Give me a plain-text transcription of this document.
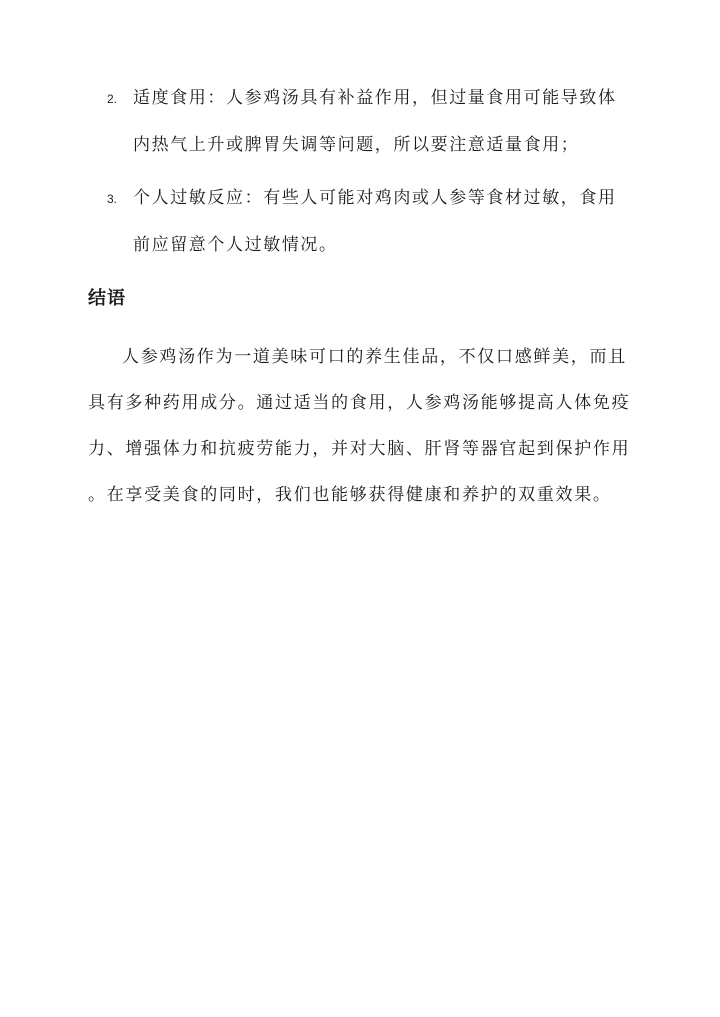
2. 适度食用：人参鸡汤具有补益作用，但过量食用可能导致体
内热气上升或脾胃失调等问题，所以要注意适量食用；
3. 个人过敏反应：有些人可能对鸡肉或人参等食材过敏，食用
前应留意个人过敏情况。
结语
人参鸡汤作为一道美味可口的养生佳品，不仅口感鲜美，而且
具有多种药用成分。通过适当的食用，人参鸡汤能够提高人体免疫
力、增强体力和抗疲劳能力，并对大脑、肝肾等器官起到保护作用
。在享受美食的同时，我们也能够获得健康和养护的双重效果。
